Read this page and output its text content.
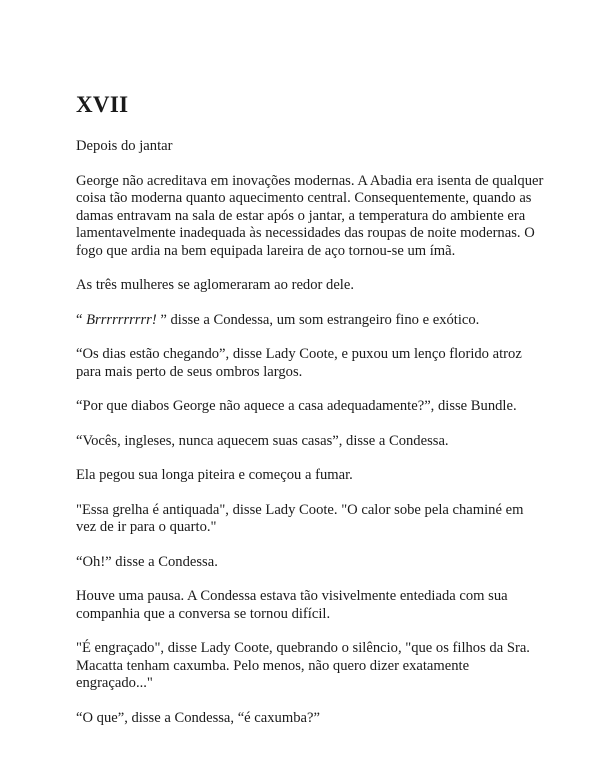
XVII

Depois do jantar

George não acreditava em inovações modernas. A Abadia era isenta de qualquer coisa tão moderna quanto aquecimento central. Consequentemente, quando as damas entravam na sala de estar após o jantar, a temperatura do ambiente era lamentavelmente inadequada às necessidades das roupas de noite modernas. O fogo que ardia na bem equipada lareira de aço tornou-se um ímã.

As três mulheres se aglomeraram ao redor dele.

“ Brrrrrrrrrr! ” disse a Condessa, um som estrangeiro fino e exótico.

“Os dias estão chegando”, disse Lady Coote, e puxou um lenço florido atroz para mais perto de seus ombros largos.

“Por que diabos George não aquece a casa adequadamente?”, disse Bundle.

“Vocês, ingleses, nunca aquecem suas casas”, disse a Condessa.

Ela pegou sua longa piteira e começou a fumar.

"Essa grelha é antiquada", disse Lady Coote. "O calor sobe pela chaminé em vez de ir para o quarto."

“Oh!” disse a Condessa.

Houve uma pausa. A Condessa estava tão visivelmente entediada com sua companhia que a conversa se tornou difícil.

"É engraçado", disse Lady Coote, quebrando o silêncio, "que os filhos da Sra. Macatta tenham caxumba. Pelo menos, não quero dizer exatamente engraçado..."

“O que”, disse a Condessa, “é caxumba?”
